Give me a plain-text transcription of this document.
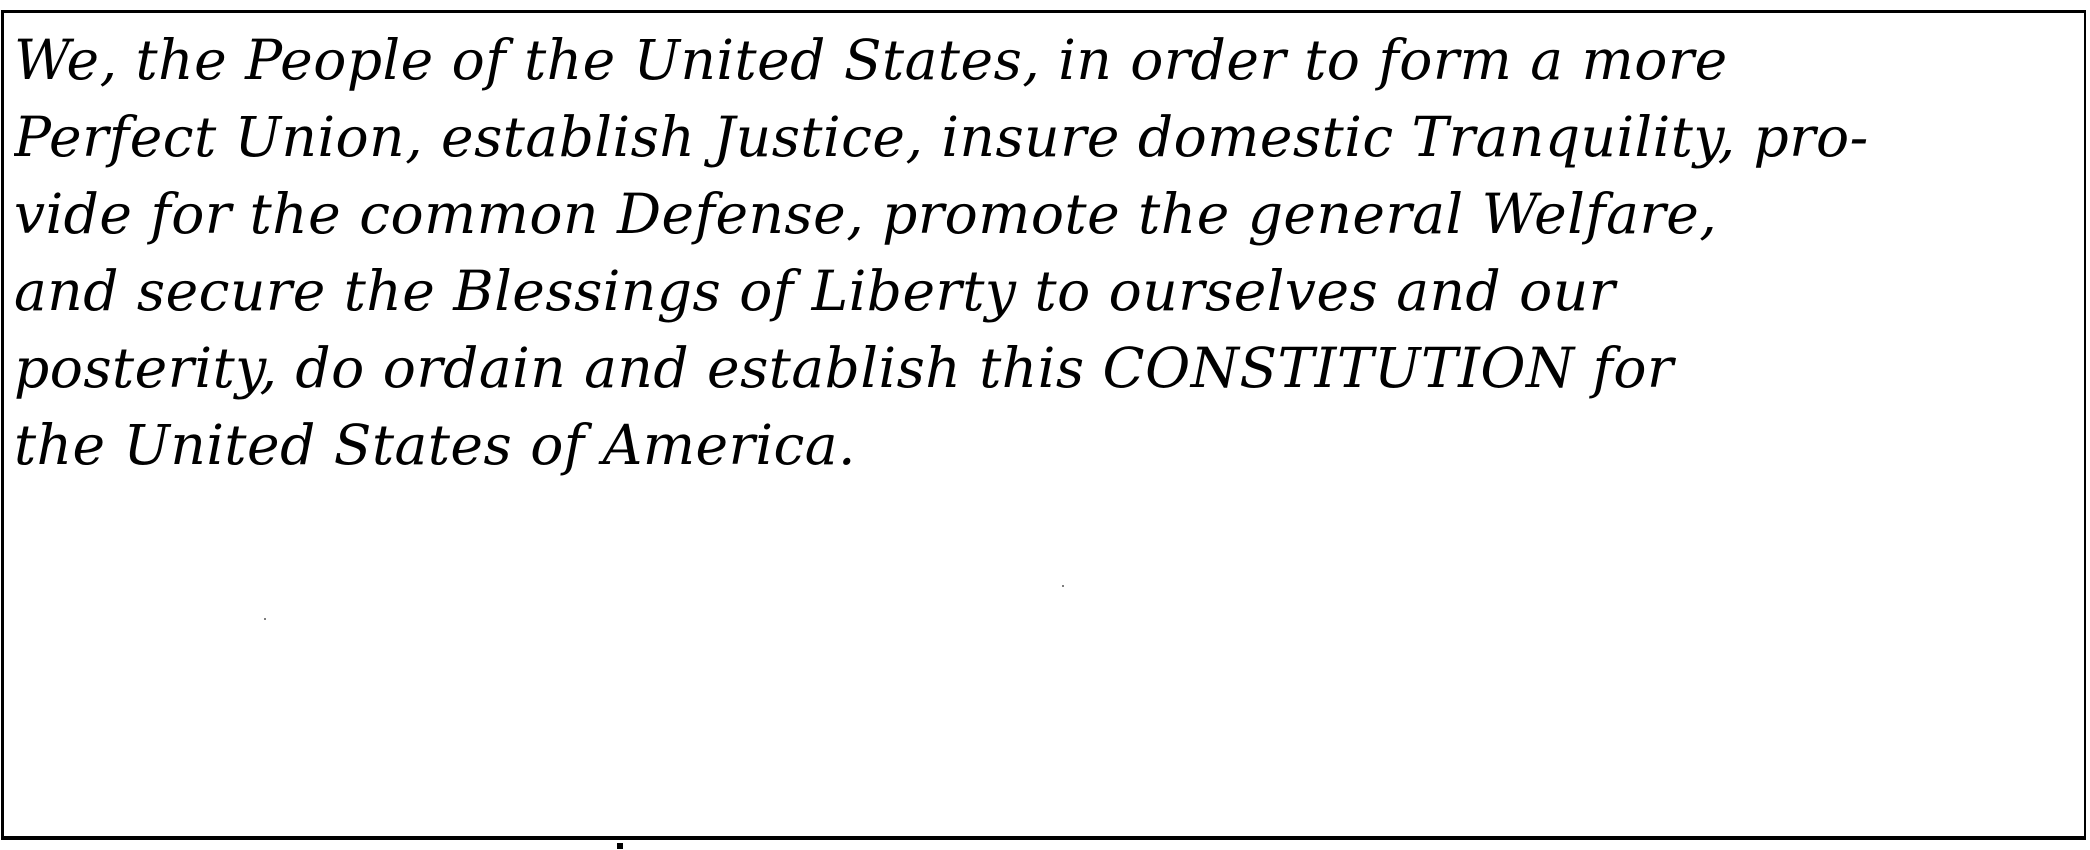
We, the People of the United States, in order to form a more
Perfect Union, establish Justice, insure domestic Tranquility, pro-
vide for the common Defense, promote the general Welfare,
and secure the Blessings of Liberty to ourselves and our
posterity, do ordain and establish this CONSTITUTION for
the United States of America.
